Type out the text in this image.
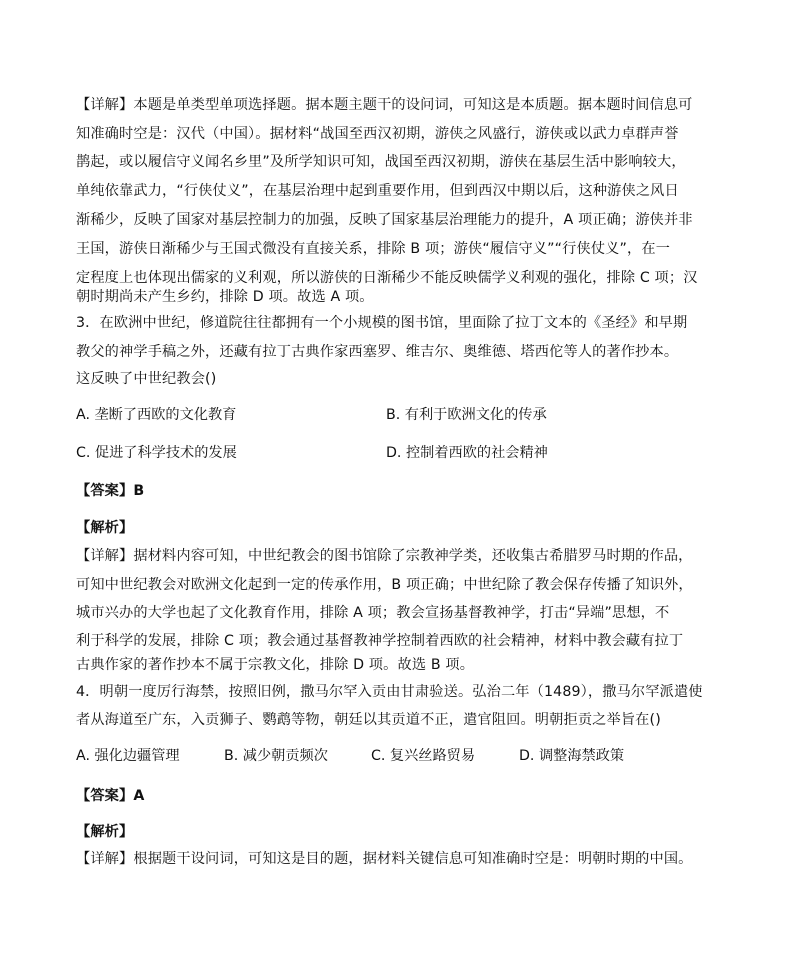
【详解】本题是单类型单项选择题。据本题主题干的设问词，可知这是本质题。据本题时间信息可
知准确时空是：汉代（中国）。据材料“战国至西汉初期，游侠之风盛行，游侠或以武力卓群声誉
鹊起，或以履信守义闻名乡里”及所学知识可知，战国至西汉初期，游侠在基层生活中影响较大，
单纯依靠武力，“行侠仗义”，在基层治理中起到重要作用，但到西汉中期以后，这种游侠之风日
渐稀少，反映了国家对基层控制力的加强，反映了国家基层治理能力的提升，A 项正确；游侠并非
王国，游侠日渐稀少与王国式微没有直接关系，排除 B 项；游侠“履信守义”“行侠仗义”，在一
定程度上也体现出儒家的义利观，所以游侠的日渐稀少不能反映儒学义利观的强化，排除 C 项；汉
朝时期尚未产生乡约，排除 D 项。故选 A 项。
3．在欧洲中世纪，修道院往往都拥有一个小规模的图书馆，里面除了拉丁文本的《圣经》和早期
教父的神学手稿之外，还藏有拉丁古典作家西塞罗、维吉尔、奥维德、塔西佗等人的著作抄本。
这反映了中世纪教会()
A. 垄断了西欧的文化教育	B. 有利于欧洲文化的传承
C. 促进了科学技术的发展	D. 控制着西欧的社会精神
【答案】B
【解析】
【详解】据材料内容可知，中世纪教会的图书馆除了宗教神学类，还收集古希腊罗马时期的作品，
可知中世纪教会对欧洲文化起到一定的传承作用，B 项正确；中世纪除了教会保存传播了知识外，
城市兴办的大学也起了文化教育作用，排除 A 项；教会宣扬基督教神学，打击“异端”思想，不
利于科学的发展，排除 C 项；教会通过基督教神学控制着西欧的社会精神，材料中教会藏有拉丁
古典作家的著作抄本不属于宗教文化，排除 D 项。故选 B 项。
4．明朝一度厉行海禁，按照旧例，撒马尔罕入贡由甘肃验送。弘治二年（1489），撒马尔罕派遣使
者从海道至广东，入贡狮子、鹦鹉等物，朝廷以其贡道不正，遣官阻回。明朝拒贡之举旨在()
A. 强化边疆管理	B. 减少朝贡频次	C. 复兴丝路贸易	D. 调整海禁政策
【答案】A
【解析】
【详解】根据题干设问词，可知这是目的题，据材料关键信息可知准确时空是：明朝时期的中国。
